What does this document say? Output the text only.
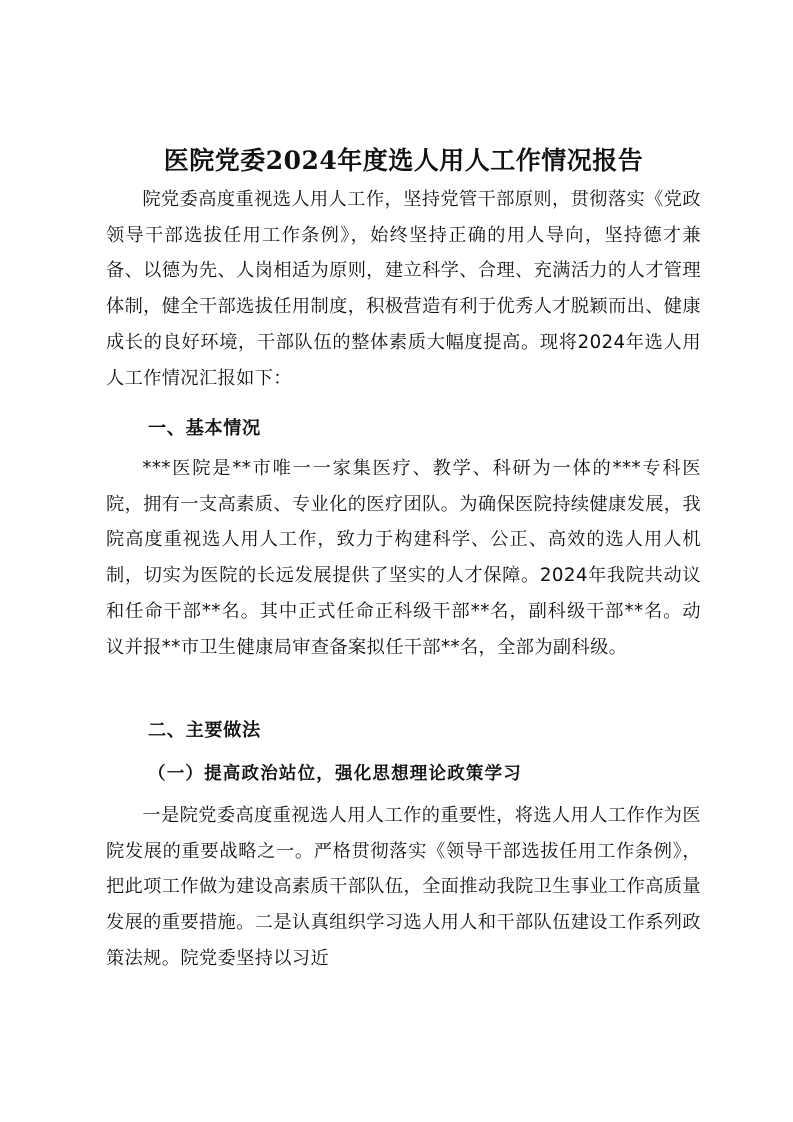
医院党委2024年度选人用人工作情况报告

院党委高度重视选人用人工作，坚持党管干部原则，贯彻落实《党政领导干部选拔任用工作条例》，始终坚持正确的用人导向，坚持德才兼备、以德为先、人岗相适为原则，建立科学、合理、充满活力的人才管理体制，健全干部选拔任用制度，积极营造有利于优秀人才脱颖而出、健康成长的良好环境，干部队伍的整体素质大幅度提高。现将2024年选人用人工作情况汇报如下：

一、基本情况

***医院是**市唯一一家集医疗、教学、科研为一体的***专科医院，拥有一支高素质、专业化的医疗团队。为确保医院持续健康发展，我院高度重视选人用人工作，致力于构建科学、公正、高效的选人用人机制，切实为医院的长远发展提供了坚实的人才保障。2024年我院共动议和任命干部**名。其中正式任命正科级干部**名，副科级干部**名。动议并报**市卫生健康局审查备案拟任干部**名，全部为副科级。

二、主要做法
（一）提高政治站位，强化思想理论政策学习

一是院党委高度重视选人用人工作的重要性，将选人用人工作作为医院发展的重要战略之一。严格贯彻落实《领导干部选拔任用工作条例》，把此项工作做为建设高素质干部队伍，全面推动我院卫生事业工作高质量发展的重要措施。二是认真组织学习选人用人和干部队伍建设工作系列政策法规。院党委坚持以习近
